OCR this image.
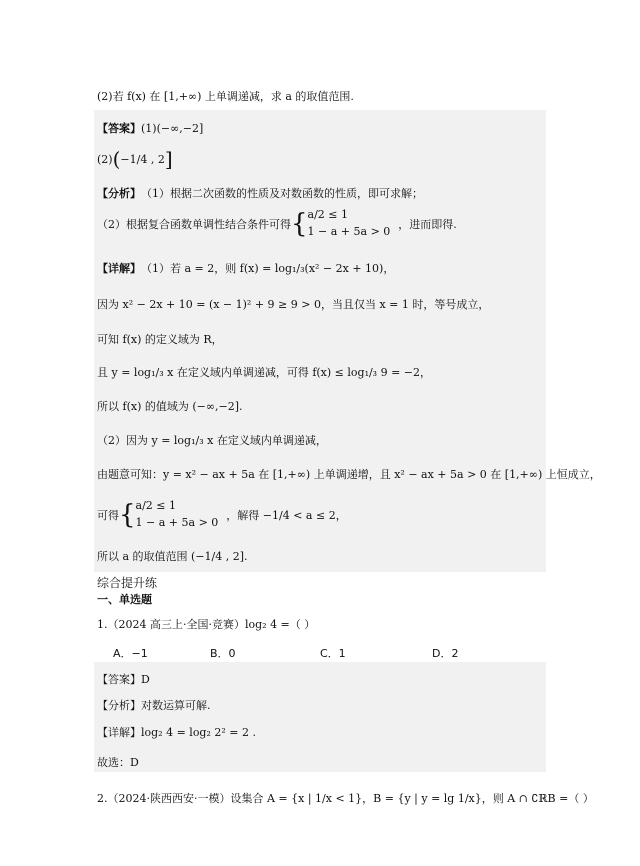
(2)若 f(x) 在 [1,+∞) 上单调递减，求 a 的取值范围.
【答案】 (1)(−∞,−2]
(2) ( −1/4 , 2 ]
【分析】 （1）根据二次函数的性质及对数函数的性质，即可求解；
（2）根据复合函数单调性结合条件可得 { a/2 ≤ 1
1 − a + 5a > 0
，进而即得.
【详解】 （1）若 a = 2，则 f(x) = log₁/₃(x² − 2x + 10)，
因为 x² − 2x + 10 = (x − 1)² + 9 ≥ 9 > 0，当且仅当 x = 1 时，等号成立，
可知 f(x) 的定义域为 R，
且 y = log₁/₃ x 在定义域内单调递减，可得 f(x) ≤ log₁/₃ 9 = −2，
所以 f(x) 的值域为 (−∞,−2].
（2）因为 y = log₁/₃ x 在定义域内单调递减，
由题意可知：y = x² − ax + 5a 在 [1,+∞) 上单调递增，且 x² − ax + 5a > 0 在 [1,+∞) 上恒成立，
可得 { a/2 ≤ 1
1 − a + 5a > 0
，解得 −1/4 < a ≤ 2，
所以 a 的取值范围 (−1/4 , 2].
综合提升练
一、单选题
1.（2024 高三上·全国·竞赛）log₂ 4 =（ ）
A．−1	B．0	C．1	D．2
【答案】D
【分析】对数运算可解.
【详解】log₂ 4 = log₂ 2² = 2 .
故选：D
2.（2024·陕西西安·一模）设集合 A = {x | 1/x < 1}，B = {y | y = lg 1/x}，则 A ∩ ∁ℝB =（ ）
